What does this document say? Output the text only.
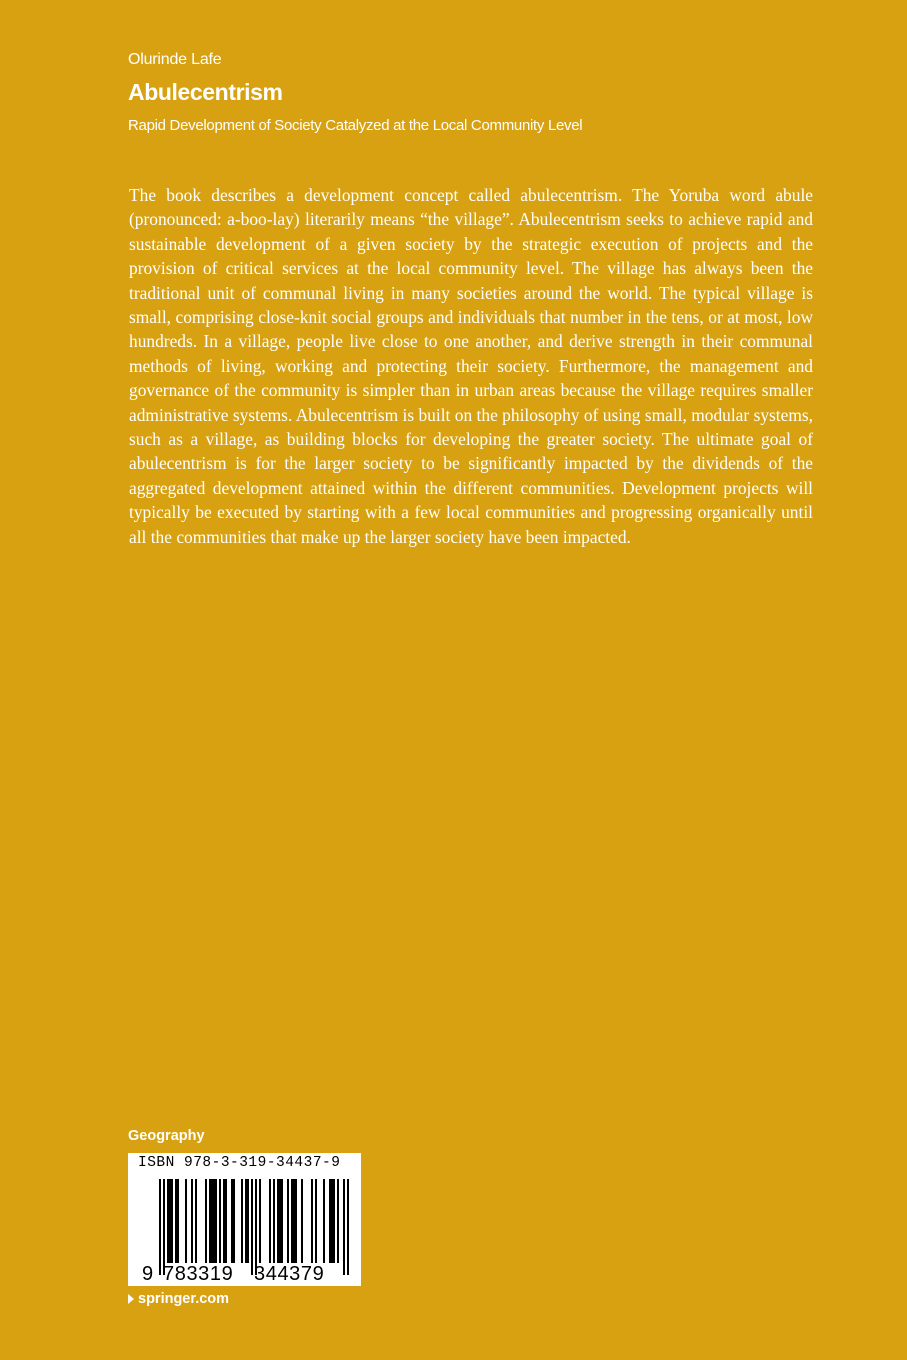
Olurinde Lafe
Abulecentrism
Rapid Development of Society Catalyzed at the Local Community Level
The book describes a development concept called abulecentrism. The Yoruba word abule (pronounced: a-boo-lay) literarily means “the village”. Abulecentrism seeks to achieve rapid and sustainable development of a given society by the strategic execution of projects and the provision of critical services at the local community level. The village has always been the traditional unit of communal living in many societies around the world. The typical village is small, comprising close-knit social groups and individuals that number in the tens, or at most, low hundreds. In a village, people live close to one another, and derive strength in their communal methods of living, working and protecting their society. Furthermore, the management and governance of the community is simpler than in urban areas because the village requires smaller administrative systems. Abulecentrism is built on the philosophy of using small, modular systems, such as a village, as building blocks for developing the greater society. The ultimate goal of abulecentrism is for the larger society to be significantly impacted by the dividends of the aggregated development attained within the different communities. Development projects will typically be executed by starting with a few local communities and progressing organically until all the communities that make up the larger society have been impacted.
Geography
ISBN 978-3-319-34437-9
9 783319 344379
springer.com
